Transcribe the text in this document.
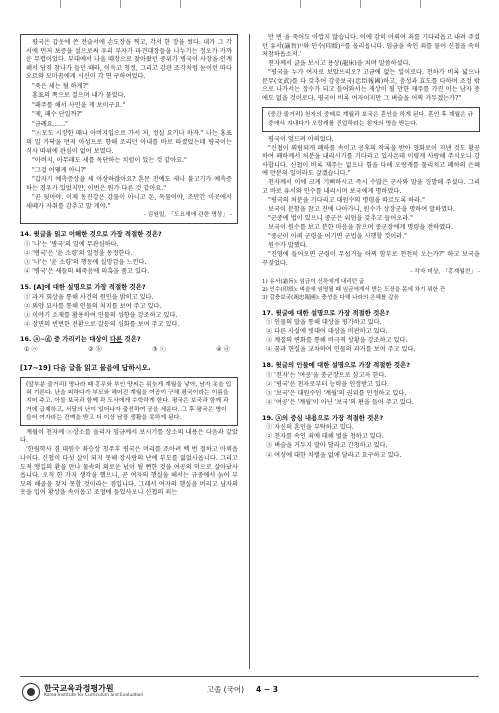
평국은 갑옷에 쓴 전술서에 손도장을 찍고, 각서 한 장을 썼다. 내가 그 각서에 먼저 보증을 설으로써 우리 부자가 파견대장들을 나누기는 정오가 가까운 무렵이었다. 부대에서 나올 때장으로 찾아왔던 중위가 병국이 사장을 인계해서 당직 참나가 들던 때라, 이윽고 청정, 그리고 감관 조각처럼 눈이런 따다 오르와 모마꼼에게 시신이 각 연 구하여었다.

"죽은 세는 될 하게?"

홍표의 쪽으로 걸으며 내가 물었다.

"패주를 해서 사인을 게 보이구요."

"제, 패수 단일까?"

"금례요……"

"ⓐ모도 시장한 때니 아버지입으로 가서 저, 정실 요기나 하자." 나는 홍표의 일 가닥을 먼저 아성으로 향해 조리던 아내를 바로 따졌었는데 평국이는 식사 따위에 관심이 없어 보였다.

"아버지, 아무래도 세를 독단하는 치럼이 있는 것 같아요."

"그걸 어떻게 아니?"

"갑자기 예측증상을 세 아상하잖아요? 혼문 전예도 새나 불고기가 예측증하는 경우가 있었지만, 이번은 뭔가 다른 것 같아요."

"곧 뒷아야. 이제 동진강은 강물이 아니고 돈, 독물이야, 조만간 이곳에서 새떼가 자취를 감추고 말 게야."

- 김원일, 「도요새에 관한 명상」 -
14. 윗글을 읽고 이해한 것으로 가장 적절한 것은?
① '나'는 '병국'의 일에 무관심하다.
② '병국'은 '윤 소령'의 일정을 동정한다.
③ '나'는 '윤 소령'의 행동에 실망감을 느낀다.
④ '병국'은 새들의 떼죽음에 의혹을 품고 있다.
15. [A]에 대한 설명으로 가장 적절한 것은?
① 과거 회상을 통해 사건의 원인을 밝히고 있다.
② 외양 묘사를 통해 인물의 처지를 보여 주고 있다.
③ 이야기 소재를 활용하여 인물의 성향을 강조하고 있다.
④ 장면의 빈번한 전환으로 갈등의 심화를 보여 주고 있다.
16. ⓐ~ⓓ 중 가리키는 대상이 다른 것은?
① ⓐ	② ⓑ	③ ⓒ	④ ⓓ
[17~19] 다음 글을 읽고 물음에 답하시오.
(앞부분 줄거리) 명나라 때 홍무와 부인 양씨는 뒤늦게 계월을 낳아, 남자 옷을 입혀 기른다. 난을 피하다가 부모와 헤어진 계월을 여공이 구해 평국이라는 이름을 지어 주고, 아들 보국과 함께 곽 도사에게 수학하게 한다. 평국은 보국과 함께 과거에 급제하고, 서달의 난이 일어나자 출전하여 공을 세운다. 그 후 평국은 병이 들어 여자라는 진맥을 받고 더 이상 남장 생활을 못하게 된다.

계월이 천자께 ⓐ상소를 올리자 임금께서 보시기를 상소의 내용은 다음과 같았다.

'한림학사 겸 대원수 좌승상 청주후 평국은 머리를 조아려 백 번 절하고 아뢰옵나이다. 신첩이 다섯 살이 되지 못해 장사랑의 난에 부모를 잃었사옵니다. 그리고 도적 맹길의 환을 만나 물속의 외로운 넋이 될 뻔한 것을 여공의 덕으로 살아났사옵니다. 오직 한 가지 생각을 했으니, 곧 여자의 행실을 해서는 규중에서 늙어 부모의 해골을 찾지 못할 것이라는 점입니다. 그래서 여자의 행실을 버리고 남자의 옷을 입어 황상을 속이옵고 조정에 들었사오니 신첩의 죄는

만 번 을 죽어도 아깝지 않습니다. 이에 감히 아뢰어 죄를 기다리옵고 내려 주셨던 유서(諭旨)¹⁾와 인수(印綬)²⁾를 올리옵니다. 임금을 속인 죄를 물어 신첩을 속히 처참하옵소서.'

천자께서 글을 보시고 용상(龍床)을 치며 말씀하셨다.

"평국을 누가 여자로 보았으리오? 고금에 없는 일이로다. 천하가 비록 넓으나 문무(文武)를 다 갖추어 강충보국(忠臣報國)하고, 충성과 효도를 다하며 조정 밖으로 나가서는 장수가 되고 들어와서는 재상이 될 만한 재주를 가진 이는 남자 중에도 없을 것이로다. 평국이 비록 여자이지만 그 벼슬을 어찌 거두겠는가?"

(중간 줄거리) 천자의 중매로 계월과 보국은 혼인을 하게 된다. 혼인 후 계월은 규중에서 지내다가 오랑캐를 진압하라는 천자의 명을 받는다.

평국이 엎드려 아뢰었다.

"신첩이 외람되게 폐하를 속이고 공후의 작록을 받아 영화로이 지낸 것도 황공하여 폐하께서 처분을 내리시기를 기다리고 있사온데 이렇게 사랑해 주시오니 감사합니다. 신첩이 비록 재주는 없으나 힘을 다해 오랑캐를 물리치고 폐하의 은혜에 만분의 일이라도 갚겠습니다."

천자께서 이에 크게 기뻐하시고 즉시 수많은 군사와 말을 징발해 주셨다. 그리고 바로 유서와 인수를 내리시며 보국에게 명하였다.

"평국의 처분을 기다리고 대원수의 명령을 따르도록 하라."

보국이 분함을 참고 진에 나아가니, 원수가 상장군을 명하여 말하였다.

"군중에 법이 있으니 중군은 위엄을 갖추고 들어오라."

보국이 원수를 보고 분한 마음을 참으며 중군장에게 명령을 전하였다.

"중군이 아뢰 군령을 어기면 군법을 시행할 것이라."

원수가 말했다.

"진영에 들어오면 군령이 무섭거늘 어찌 함부로 천천히 오는가?" 하고 보국을 꾸짖었다.

- 작자 미상, 「홍계월전」 -
1) 유서(諭旨): 임금이 신하에게 내리던 글
2) 인수(印綬): 벼슬에 임명될 때 임금에게서 받는 도장을 몸에 차기 위한 끈
3) 갈충보국(竭忠報國): 충성을 다해 나라의 은혜를 갚음
17. 윗글에 대한 설명으로 가장 적절한 것은?
① 인물의 말을 통해 대상을 평가하고 있다.
② 다른 사실에 빗대어 대상을 비판하고 있다.
③ 계절의 변화를 통해 비극적 상황을 강조하고 있다.
④ 꿈과 현실을 교차하여 인물의 과거를 보여 주고 있다.
18. 윗글의 인물에 대한 설명으로 가장 적절한 것은?
① '천자'는 '여공'을 중군장으로 삼고자 한다.
② '평국'은 천자로부터 능력을 인정받고 있다.
③ '보국'은 대원수인 '계월'의 권위를 인정하고 있다.
④ '여공'은 '계월'이 아닌 '보국'의 편을 들어 주고 있다.
19. ⓐ의 중심 내용으로 가장 적절한 것은?
① 자신의 혼인을 부탁하고 있다.
② 천자를 속인 죄에 대해 벌을 청하고 있다.
③ 벼슬을 거두지 말아 달라고 간청하고 있다.
④ 여성에 대한 차별을 없애 달라고 요구하고 있다.
한국교육과정평가원
Korea Institute for Curriculum and Evaluation
고졸 (국어) 4 − 3
